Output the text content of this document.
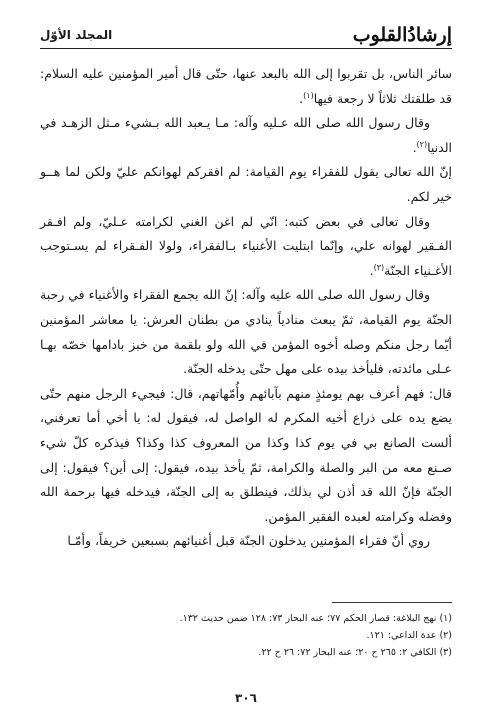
إرشادُالقلوب
المجلد الأوّل

سائر الناس، بل تقربوا إلى الله بالبعد عنها، حتّى قال أمير المؤمنين عليه السلام: قد طلقتك ثلاثاً لا رجعة فيها$^{(١)}$.

وقال رسول الله صلى الله عـليه وآله: مـا يـعبد الله بـشيء مـثل الزهـد في الدنيا$^{(٢)}$.

إنّ الله تعالى يقول للفقراء يوم القيامة: لم افقركم لهوانكم عليّ ولكن لما هــو خير لكم.

وقال تعالى في بعض كتبه: انّي لم اغن الغني لكرامته عـليّ، ولم افـقر الفـقير لهوانه علي، وإنّما ابتليت الأغنياء بـالفقراء، ولولا الفـقراء لم يسـتوجب الأغـنياء الجنّة$^{(٣)}$.

وقال رسول الله صلى الله عليه وآله: إنّ الله يجمع الفقراء والأغنياء في رحبة الجنّة يوم القيامة، ثمّ يبعث منادياً ينادي من بطنان العرش: يا معاشر المؤمنين أيّما رجل منكم وصله أخوه المؤمن في الله ولو بلقمة من خبز بادامها خصّه بهـا عـلى مائدته، فليأخذ بيده على مهل حتّى يدخله الجنّة.

قال: فهم أعرف بهم يومئذٍ منهم بآبائهم وأُمّهاتهم، قال: فيجيء الرجل منهم حتّى يضع يده على ذراع أخيه المكرم له الواصل له، فيقول له: يا أخي أما تعرفني، ألست الصانع بي في يوم كذا وكذا من المعروف كذا وكذا؟ فيذكره كلّ شيء صـنع معه من البر والصلة والكرامة، ثمّ يأخذ بيده، فيقول: إلى أين؟ فيقول: إلى الجنّة فإنّ الله قد أذن لي بذلك، فينطلق به إلى الجنّة، فيدخله فيها برحمة الله وفضله وكرامته لعبده الفقير المؤمن.

روي أنّ فقراء المؤمنين يدخلون الجنّة قبل أغنيائهم بسبعين خريفاً، وأمّـا

(١) نهج البلاغة: قصار الحكم ٧٧؛ عنه البحار ٧٣: ١٢٨ ضمن حديث ١٣٢.

(٢) عدة الداعي: ١٢١.

(٣) الكافي ٢: ٢٦٥ ح ٢٠؛ عنه البحار ٧٢: ٢٦ ح ٢٢.

٣٠٦
